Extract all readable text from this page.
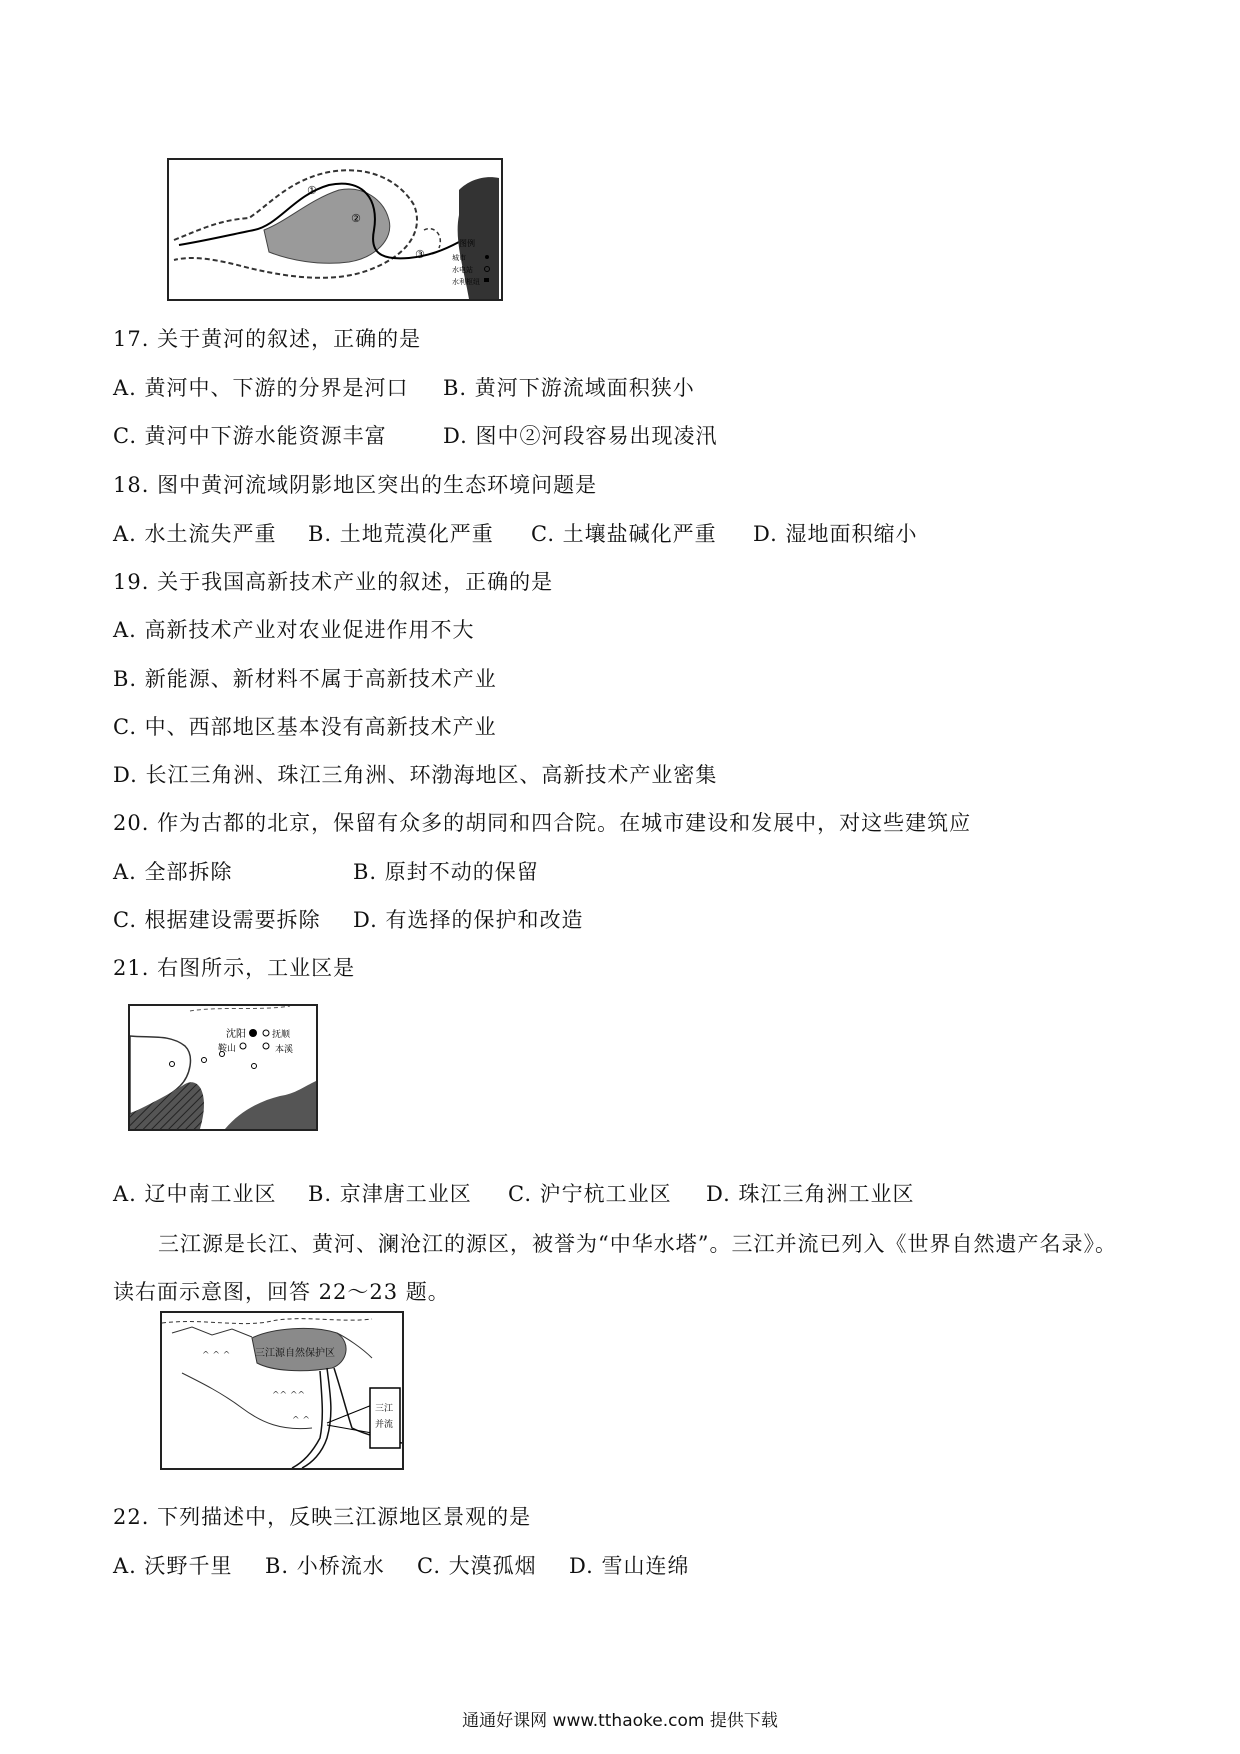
①
②
③
图例
城市
水电站
水利枢纽
17. 关于黄河的叙述，正确的是
A. 黄河中、下游的分界是河口 B. 黄河下游流域面积狭小
C. 黄河中下游水能资源丰富	D. 图中②河段容易出现凌汛
18. 图中黄河流域阴影地区突出的生态环境问题是
A. 水土流失严重 B. 土地荒漠化严重 C. 土壤盐碱化严重 D. 湿地面积缩小
19. 关于我国高新技术产业的叙述，正确的是
A. 高新技术产业对农业促进作用不大
B. 新能源、新材料不属于高新技术产业
C. 中、西部地区基本没有高新技术产业
D. 长江三角洲、珠江三角洲、环渤海地区、高新技术产业密集
20. 作为古都的北京，保留有众多的胡同和四合院。在城市建设和发展中，对这些建筑应
A. 全部拆除	B. 原封不动的保留
C. 根据建设需要拆除 D. 有选择的保护和改造
21. 右图所示，工业区是
沈阳	抚顺
鞍山	本溪
大连
A. 辽中南工业区 B. 京津唐工业区 C. 沪宁杭工业区 D. 珠江三角洲工业区
三江源是长江、黄河、澜沧江的源区，被誉为“中华水塔”。三江并流已列入《世界自然遗产名录》。
读右面示意图，回答 22～23 题。
三江源自然保护区
^ ^ ^
^^ ^^
^ ^
三江
并流
22. 下列描述中，反映三江源地区景观的是
A. 沃野千里 B. 小桥流水 C. 大漠孤烟 D. 雪山连绵
通通好课网 www.tthaoke.com 提供下载
